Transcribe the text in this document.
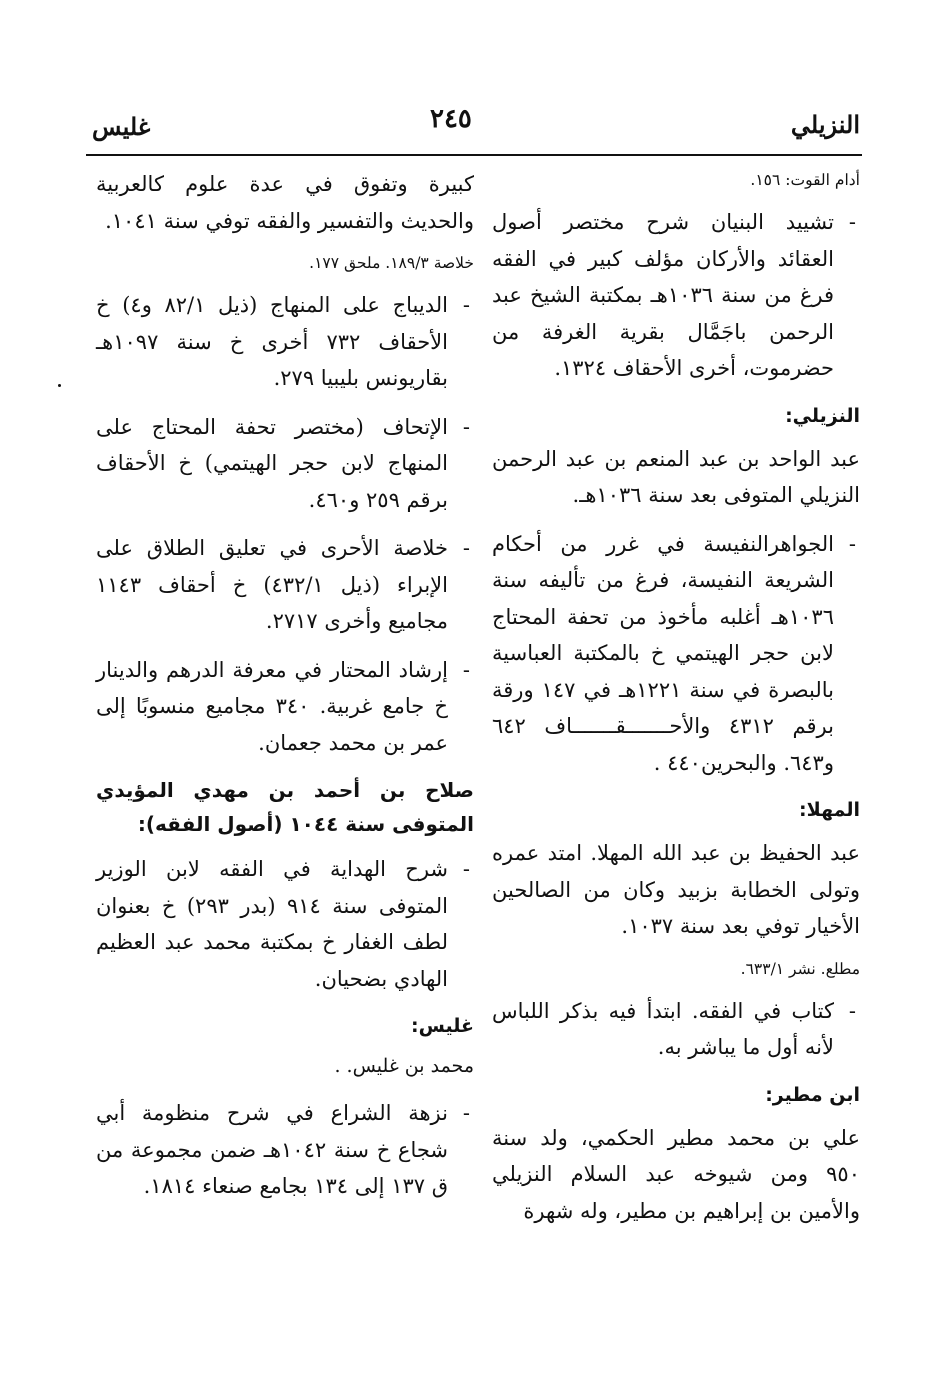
غليس	٢٤٥	النزيلي

أدام القوت: ١٥٦.

- تشييد البنيان شرح مختصر أصول العقائد والأركان مؤلف كبير في الفقه فرغ من سنة ١٠٣٦هـ بمكتبة الشيخ عبد الرحمن باجَمَّال بقرية الغرفة من حضرموت، أخرى الأحقاف ١٣٢٤.

النزيلي:

عبد الواحد بن عبد المنعم بن عبد الرحمن النزيلي المتوفى بعد سنة ١٠٣٦هـ.

- الجواهرالنفيسة في غرر من أحكام الشريعة النفيسة، فرغ من تأليفه سنة ١٠٣٦هـ أغلبه مأخوذ من تحفة المحتاج لابن حجر الهيتمي خ بالمكتبة العباسية بالبصرة في سنة ١٢٢١هـ في ١٤٧ ورقة برقم ٤٣١٢ والأحـــــــقـــــــاف ٦٤٢ و٦٤٣. والبحرين٤٤٠ .

المهلا:

عبد الحفيظ بن عبد الله المهلا. امتد عمره وتولى الخطابة بزبيد وكان من الصالحين الأخيار توفي بعد سنة ١٠٣٧.

مطلع. نشر ٦٣٣/١.

- كتاب في الفقه. ابتدأ فيه بذكر اللباس لأنه أول ما يباشر به.

ابن مطير:

علي بن محمد مطير الحكمي، ولد سنة ٩٥٠ ومن شيوخه عبد السلام النزيلي والأمين بن إبراهيم بن مطير، وله شهرة

كبيرة وتفوق في عدة علوم كالعربية والحديث والتفسير والفقه توفي سنة ١٠٤١.

خلاصة ١٨٩/٣. ملحق ١٧٧.

- الديباج على المنهاج (ذيل ٨٢/١ و٤) خ الأحقاف ٧٣٢ أخرى خ سنة ١٠٩٧هـ بقاريونس بليبيا ٢٧٩.

- الإتحاف (مختصر تحفة المحتاج على المنهاج لابن حجر الهيتمي) خ الأحقاف برقم ٢٥٩ و٤٦٠.

- خلاصة الأحرى في تعليق الطلاق على الإبراء (ذيل ٤٣٢/١) خ أحقاف ١١٤٣ مجاميع وأخرى ٢٧١٧.

- إرشاد المحتار في معرفة الدرهم والدينار خ جامع غربية. ٣٤٠ مجاميع منسوبًا إلى عمر بن محمد جعمان.

صلاح بن أحمد بن مهدي المؤيدي المتوفى سنة ١٠٤٤ (أصول الفقه):

- شرح الهداية في الفقه لابن الوزير المتوفى سنة ٩١٤ (بدر ٢٩٣) خ بعنوان لطف الغفار خ بمكتبة محمد عبد العظيم الهادي بضحيان.

غليس:

محمد بن غليس. .

- نزهة الشراع في شرح منظومة أبي شجاع خ سنة ١٠٤٢هـ ضمن مجموعة من ق ١٣٧ إلى ١٣٤ بجامع صنعاء ١٨١٤.
